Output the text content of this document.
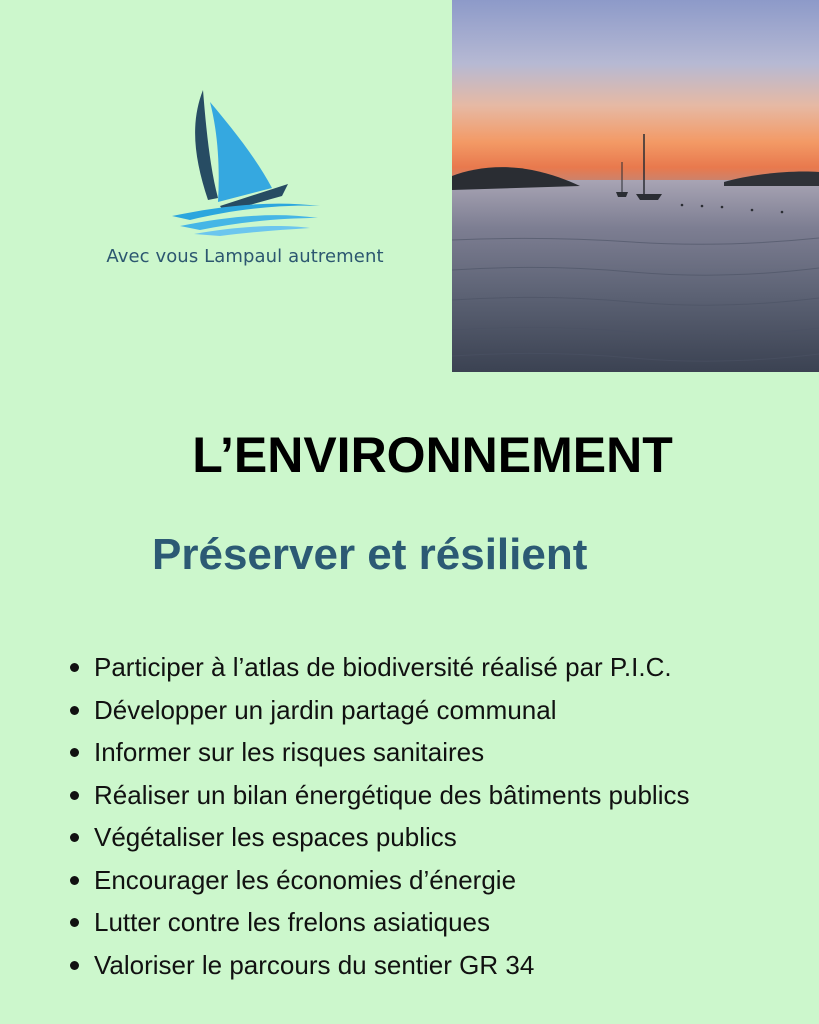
Avec vous Lampaul autrement
L’ENVIRONNEMENT
Préserver et résilient
Participer à l’atlas de biodiversité réalisé par P.I.C.
Développer un jardin partagé communal
Informer sur les risques sanitaires
Réaliser un bilan énergétique des bâtiments publics
Végétaliser les espaces publics
Encourager les économies d’énergie
Lutter contre les frelons asiatiques
Valoriser le parcours du sentier GR 34
